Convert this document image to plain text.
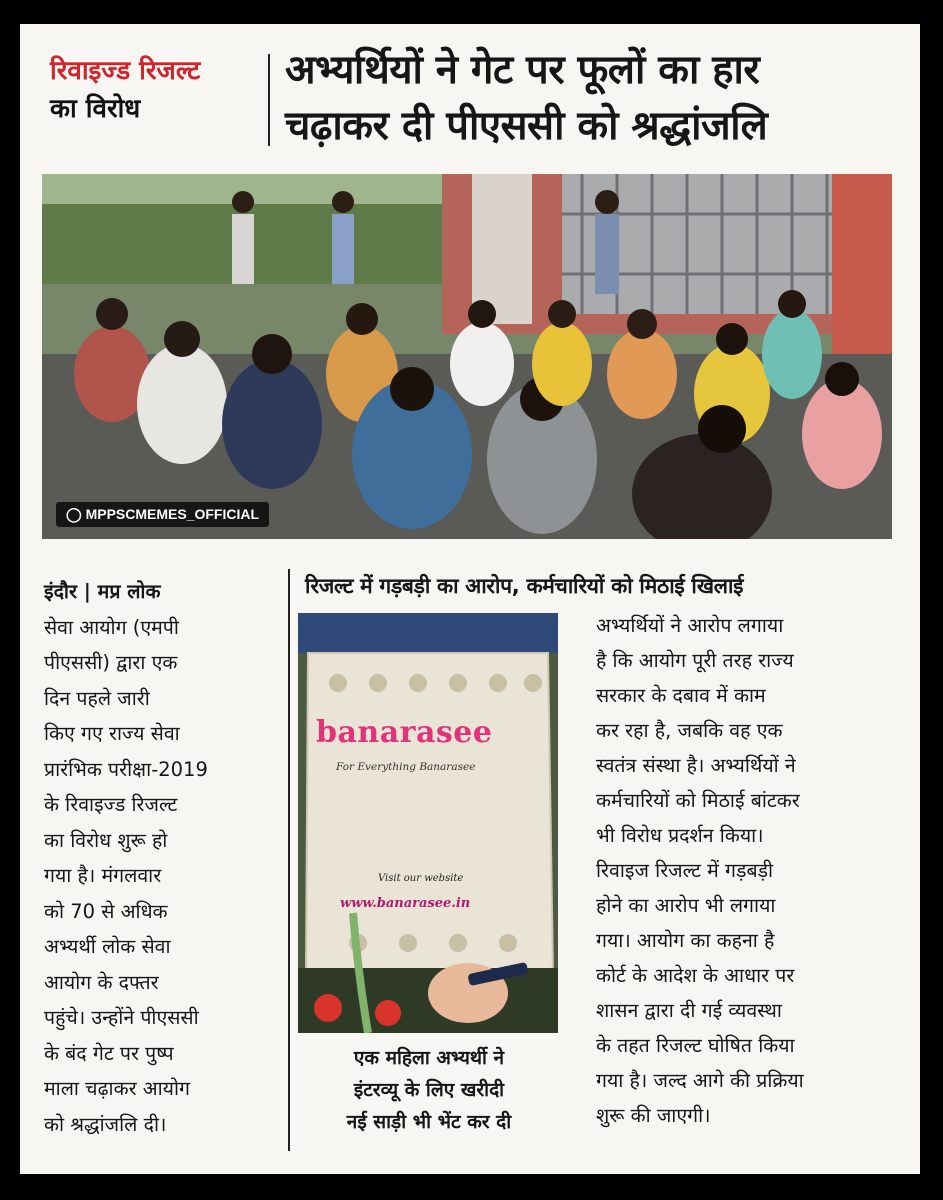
रिवाइज्ड रिजल्ट
का विरोध
अभ्यर्थियों ने गेट पर फूलों का हार
चढ़ाकर दी पीएससी को श्रद्धांजलि
◯ MPPSCMEMES_OFFICIAL
इंदौर | मप्र लोक
सेवा आयोग (एमपी
पीएससी) द्वारा एक
दिन पहले जारी
किए गए राज्य सेवा
प्रारंभिक परीक्षा-2019
के रिवाइज्ड रिजल्ट
का विरोध शुरू हो
गया है। मंगलवार
को 70 से अधिक
अभ्यर्थी लोक सेवा
आयोग के दफ्तर
पहुंचे। उन्होंने पीएससी
के बंद गेट पर पुष्प
माला चढ़ाकर आयोग
को श्रद्धांजलि दी।
रिजल्ट में गड़बड़ी का आरोप, कर्मचारियों को मिठाई खिलाई
banarasee
For Everything Banarasee
Visit our website
www.banarasee.in
एक महिला अभ्यर्थी ने
इंटरव्यू के लिए खरीदी
नई साड़ी भी भेंट कर दी
अभ्यर्थियों ने आरोप लगाया
है कि आयोग पूरी तरह राज्य
सरकार के दबाव में काम
कर रहा है, जबकि वह एक
स्वतंत्र संस्था है। अभ्यर्थियों ने
कर्मचारियों को मिठाई बांटकर
भी विरोध प्रदर्शन किया।
रिवाइज रिजल्ट में गड़बड़ी
होने का आरोप भी लगाया
गया। आयोग का कहना है
कोर्ट के आदेश के आधार पर
शासन द्वारा दी गई व्यवस्था
के तहत रिजल्ट घोषित किया
गया है। जल्द आगे की प्रक्रिया
शुरू की जाएगी।
